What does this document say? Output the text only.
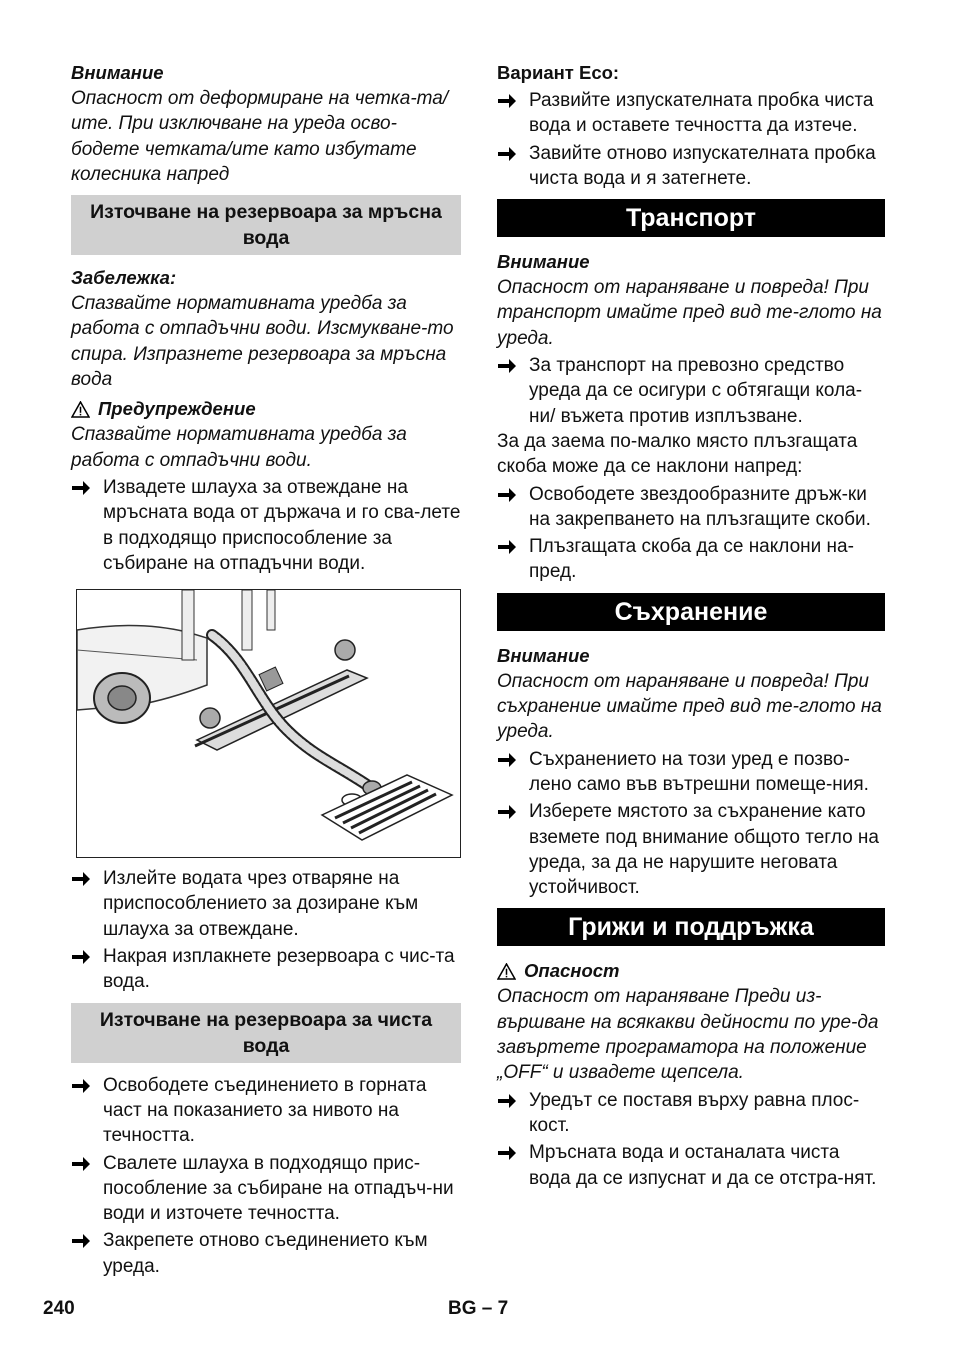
Внимание

Опасност от деформиране на четка-та/ите. При изключване на уреда осво-бодете четката/ите като избутате колесника напред

Източване на резервоара за мръсна вода

Забележка:

Спазвайте нормативната уредба за работа с отпадъчни води. Изсмукване-то спира. Изпразнете резервоара за мръсна вода

Предупреждение

Спазвайте нормативната уредба за работа с отпадъчни води.

Извадете шлауха за отвеждане на мръсната вода от държача и го сва-лете в подходящо приспособление за събиране на отпадъчни води.
Излейте водата чрез отваряне на приспособлението за дозиране към шлауха за отвеждане.
Накрая изплакнете резервоара с чис-та вода.
Източване на резервоара за чиста вода
Освободете съединението в горната част на показанието за нивото на течността.
Свалете шлауха в подходящо прис-пособление за събиране на отпадъч-ни води и източете течността.
Закрепете отново съединението към уреда.

Вариант Eco:

Развийте изпускателната пробка чиста вода и оставете течността да изтече.
Завийте отново изпускателната пробка чиста вода и я затегнете.
Транспорт

Внимание

Опасност от нараняване и повреда! При транспорт имайте пред вид те-глото на уреда.

За транспорт на превозно средство уреда да се осигури с обтягащи кола-ни/ въжета против изплъзване.

За да заема по-малко място плъзгащата скоба може да се наклони напред:

Освободете звездообразните дръж-ки на закрепването на плъзгащите скоби.
Плъзгащата скоба да се наклони на-пред.
Съхранение

Внимание

Опасност от нараняване и повреда! При съхранение имайте пред вид те-глото на уреда.

Съхранението на този уред е позво-лено само във вътрешни помеще-ния.
Изберете мястото за съхранение като вземете под внимание общото тегло на уреда, за да не нарушите неговата устойчивост.
Грижи и поддръжка
Опасност

Опасност от нараняване Преди из-вършване на всякакви дейности по уре-да завъртете програматора на положение „OFF“ и извадете щепсела.

Уредът се поставя върху равна плос-кост.
Мръсната вода и останалата чиста вода да се изпуснат и да се отстра-нят.
240	BG – 7
